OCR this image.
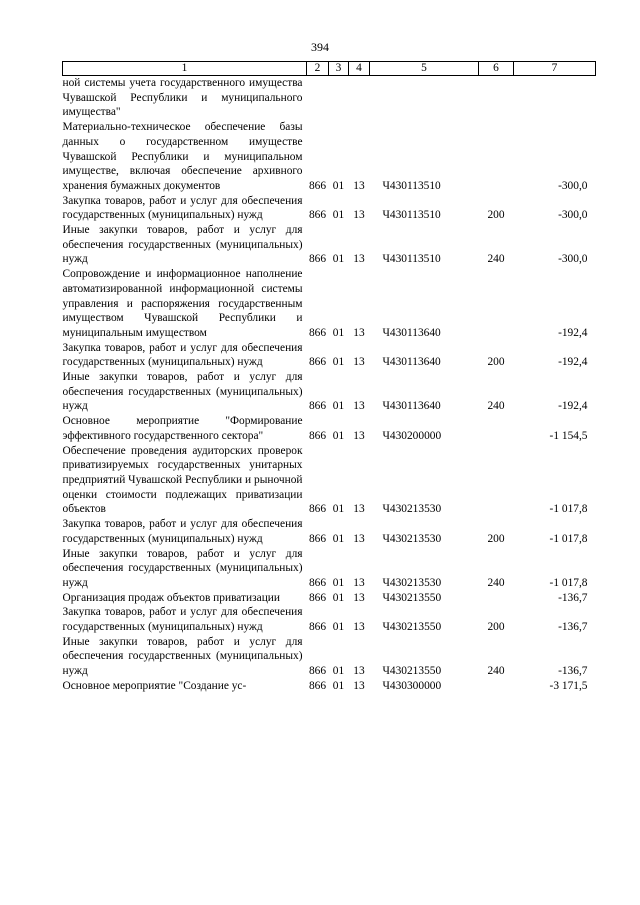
394
1	2	3	4	5	6	7
ной системы учета государственного имущества Чувашской Республики и муниципального имущества"						
Материально-техническое обеспечение базы данных о государственном имуществе Чувашской Республики и муниципальном имуществе, включая обеспечение архивного хранения бумажных документов	866	01	13	Ч430113510		-300,0
Закупка товаров, работ и услуг для обеспечения государственных (муниципальных) нужд	866	01	13	Ч430113510	200	-300,0
Иные закупки товаров, работ и услуг для обеспечения государственных (муниципальных) нужд	866	01	13	Ч430113510	240	-300,0
Сопровождение и информационное наполнение автоматизированной информационной системы управления и распоряжения государственным имуществом Чувашской Республики и муниципальным имуществом	866	01	13	Ч430113640		-192,4
Закупка товаров, работ и услуг для обеспечения государственных (муниципальных) нужд	866	01	13	Ч430113640	200	-192,4
Иные закупки товаров, работ и услуг для обеспечения государственных (муниципальных) нужд	866	01	13	Ч430113640	240	-192,4
Основное мероприятие "Формирование эффективного государственного сектора"	866	01	13	Ч430200000		-1 154,5
Обеспечение проведения аудиторских проверок приватизируемых государственных унитарных предприятий Чувашской Республики и рыночной оценки стоимости подлежащих приватизации объектов	866	01	13	Ч430213530		-1 017,8
Закупка товаров, работ и услуг для обеспечения государственных (муниципальных) нужд	866	01	13	Ч430213530	200	-1 017,8
Иные закупки товаров, работ и услуг для обеспечения государственных (муниципальных) нужд	866	01	13	Ч430213530	240	-1 017,8
Организация продаж объектов приватизации	866	01	13	Ч430213550		-136,7
Закупка товаров, работ и услуг для обеспечения государственных (муниципальных) нужд	866	01	13	Ч430213550	200	-136,7
Иные закупки товаров, работ и услуг для обеспечения государственных (муниципальных) нужд	866	01	13	Ч430213550	240	-136,7
Основное мероприятие "Создание ус-	866	01	13	Ч430300000		-3 171,5
